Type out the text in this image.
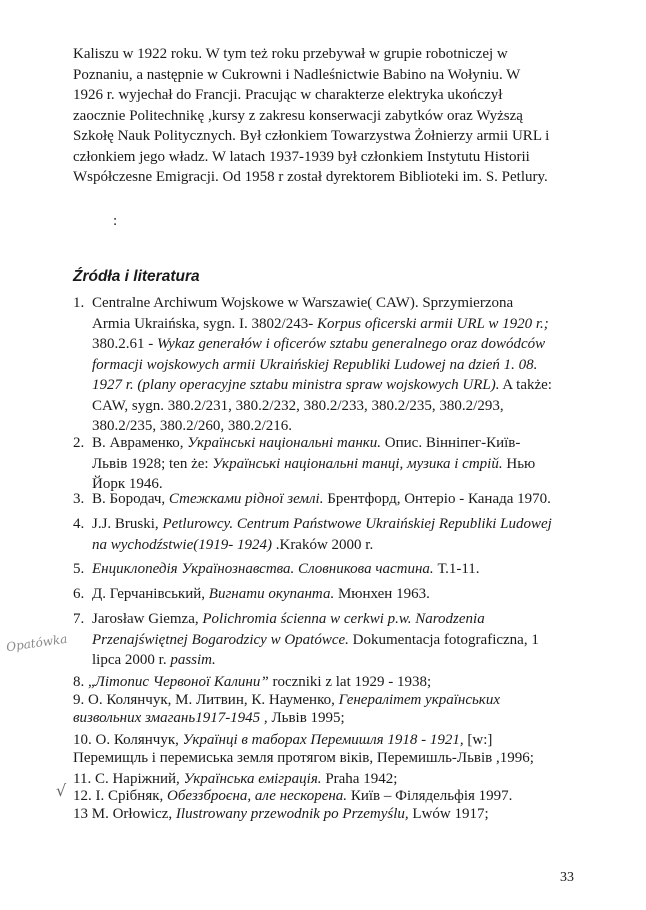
Kaliszu w 1922 roku. W tym też roku przebywał w grupie robotniczej w
Poznaniu, a następnie w Cukrowni i Nadleśnictwie Babino na Wołyniu. W
1926 r. wyjechał do Francji. Pracując w charakterze elektryka ukończył
zaocznie Politechnikę ,kursy z zakresu konserwacji zabytków oraz Wyższą
Szkołę Nauk Politycznych. Był członkiem Towarzystwa Żołnierzy armii URL i
członkiem jego władz. W latach 1937-1939 był członkiem Instytutu Historii
Współczesne Emigracji. Od 1958 r został dyrektorem Biblioteki im. S. Petlury.

:
Źródła i literatura
1. Centralne Archiwum Wojskowe w Warszawie( CAW). Sprzymierzona
Armia Ukraińska, sygn. I. 3802/243- Korpus oficerski armii URL w 1920 r.;
380.2.61 - Wykaz generałów i oficerów sztabu generalnego oraz dowódców
formacji wojskowych armii Ukraińskiej Republiki Ludowej na dzień 1. 08.
1927 r. (plany operacyjne sztabu ministra spraw wojskowych URL). A także:
CAW, sygn. 380.2/231, 380.2/232, 380.2/233, 380.2/235, 380.2/293,
380.2/235, 380.2/260, 380.2/216.
2. В. Авраменко, Українські національні танки. Опис. Вінніпег-Київ-
Львів 1928; ten że: Українські національні танці, музика і стрій. Нью
Йорк 1946.
3. В. Бородач, Стежками рідної землі. Брентфорд, Онтеріо - Канада 1970.
4. J.J. Bruski, Petlurowcy. Centrum Państwowe Ukraińskiej Republiki Ludowej
na wychodźstwie(1919- 1924) .Kraków 2000 r.
5. Енциклопедія Українознавства. Словникова частина. Т.1-11.
6. Д. Герчанівський, Вигнати окупанта. Мюнхен 1963.
7. Jarosław Giemza, Polichromia ścienna w cerkwi p.w. Narodzenia
Przenajświętnej Bogarodzicy w Opatówce. Dokumentacja fotograficzna, 1
lipca 2000 r. passim.
8. „Літопис Червоної Калини” roczniki z lat 1929 - 1938;
9. О. Колянчук, М. Литвин, К. Науменко, Генералітет українських
визвольних змагань1917-1945 , Львів 1995;
10. О. Колянчук, Українці в таборах Перемишля 1918 - 1921, [w:]
Перемищль і перемиська земля протягом віків, Перемишль-Львів ,1996;
11. С. Наріжний, Українська еміграція. Praha 1942;
12. І. Срібняк, Обеззброєна, але нескорена. Київ – Філядельфія 1997.
13 M. Orłowicz, Ilustrowany przewodnik po Przemyślu, Lwów 1917;
Opatówka
√
33
